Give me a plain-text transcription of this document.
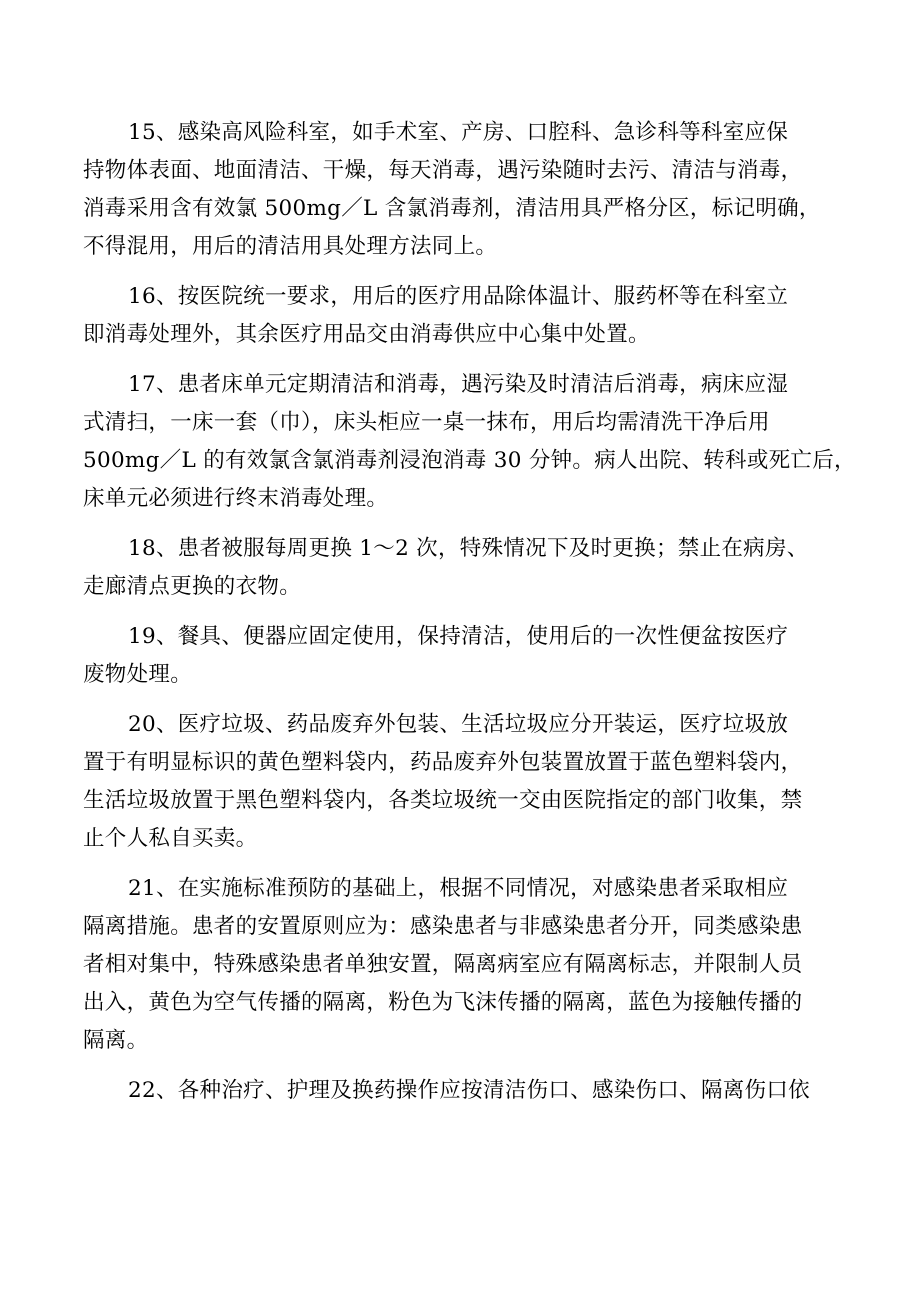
15、感染高风险科室，如手术室、产房、口腔科、急诊科等科室应保
持物体表面、地面清洁、干燥，每天消毒，遇污染随时去污、清洁与消毒，
消毒采用含有效氯 500mg／L 含氯消毒剂，清洁用具严格分区，标记明确，
不得混用，用后的清洁用具处理方法同上。
16、按医院统一要求，用后的医疗用品除体温计、服药杯等在科室立
即消毒处理外，其余医疗用品交由消毒供应中心集中处置。
17、患者床单元定期清洁和消毒，遇污染及时清洁后消毒，病床应湿
式清扫，一床一套（巾），床头柜应一桌一抹布，用后均需清洗干净后用
500mg／L 的有效氯含氯消毒剂浸泡消毒 30 分钟。病人出院、转科或死亡后，
床单元必须进行终末消毒处理。
18、患者被服每周更换 1～2 次，特殊情况下及时更换；禁止在病房、
走廊清点更换的衣物。
19、餐具、便器应固定使用，保持清洁，使用后的一次性便盆按医疗
废物处理。
20、医疗垃圾、药品废弃外包装、生活垃圾应分开装运，医疗垃圾放
置于有明显标识的黄色塑料袋内，药品废弃外包装置放置于蓝色塑料袋内，
生活垃圾放置于黑色塑料袋内，各类垃圾统一交由医院指定的部门收集，禁
止个人私自买卖。
21、在实施标准预防的基础上，根据不同情况，对感染患者采取相应
隔离措施。患者的安置原则应为：感染患者与非感染患者分开，同类感染患
者相对集中，特殊感染患者单独安置，隔离病室应有隔离标志，并限制人员
出入，黄色为空气传播的隔离，粉色为飞沫传播的隔离，蓝色为接触传播的
隔离。
22、各种治疗、护理及换药操作应按清洁伤口、感染伤口、隔离伤口依
